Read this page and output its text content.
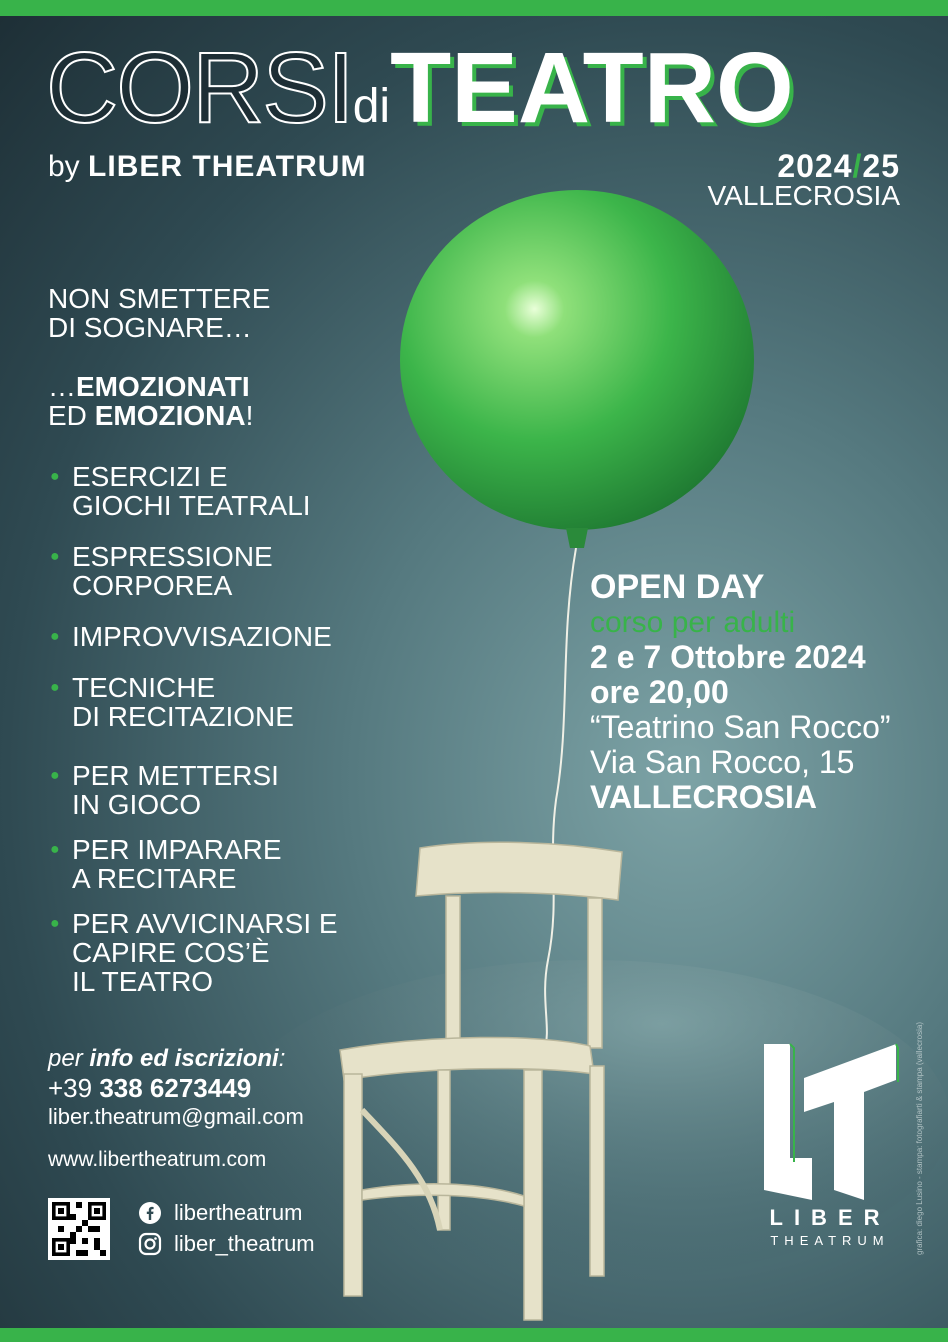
CORSIdiTEATRO
by LIBER THEATRUM	2024/25
VALLECROSIA
NON SMETTERE
DI SOGNARE…
…EMOZIONATI
ED EMOZIONA!
● ESERCIZI E
GIOCHI TEATRALI
● ESPRESSIONE
CORPOREA
● IMPROVVISAZIONE
● TECNICHE
DI RECITAZIONE
● PER METTERSI
IN GIOCO
● PER IMPARARE
A RECITARE
● PER AVVICINARSI E
CAPIRE COS’È
IL TEATRO
OPEN DAY
corso per adulti
2 e 7 Ottobre 2024
ore 20,00
“Teatrino San Rocco”
Via San Rocco, 15
VALLECROSIA
per info ed iscrizioni:
+39 338 6273449
liber.theatrum@gmail.com
www.libertheatrum.com
libertheatrum
liber_theatrum
LIBER
THEATRUM	grafica: diego Lusino - stampa: fotografiarti & stampa (vallecrosia)
